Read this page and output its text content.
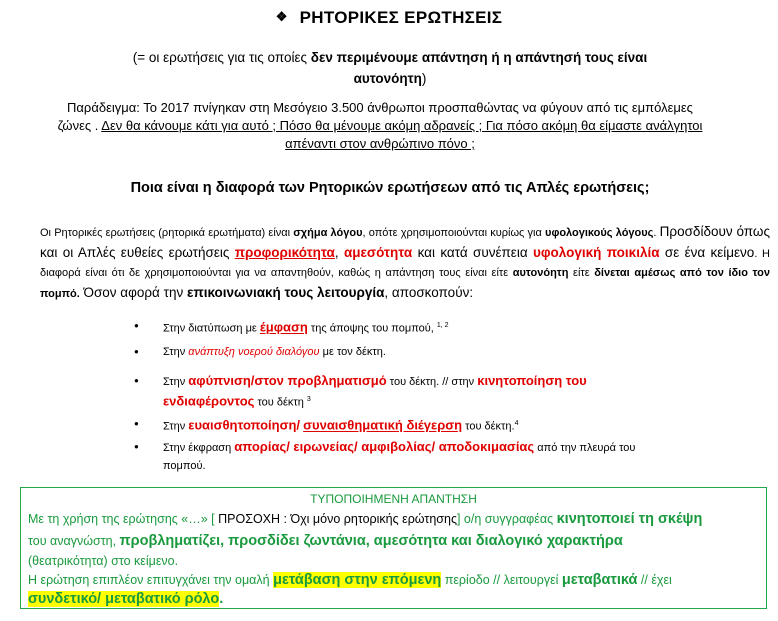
❖ ΡΗΤΟΡΙΚΕΣ ΕΡΩΤΗΣΕΙΣ
(= οι ερωτήσεις για τις οποίες δεν περιμένουμε απάντηση ή η απάντησή τους είναι αυτονόητη)
Παράδειγμα: Το 2017 πνίγηκαν στη Μεσόγειο 3.500 άνθρωποι προσπαθώντας να φύγουν από τις εμπόλεμες ζώνες . Δεν θα κάνουμε κάτι για αυτό ; Πόσο θα μένουμε ακόμη αδρανείς ; Για πόσο ακόμη θα είμαστε ανάλγητοι απέναντι στον ανθρώπινο πόνο ;
Ποια είναι η διαφορά των Ρητορικών ερωτήσεων από τις Απλές ερωτήσεις;
Οι Ρητορικές ερωτήσεις (ρητορικά ερωτήματα) είναι σχήμα λόγου, οπότε χρησιμοποιούνται κυρίως για υφολογικούς λόγους. Προσδίδουν όπως και οι Απλές ευθείες ερωτήσεις προφορικότητα, αμεσότητα και κατά συνέπεια υφολογική ποικιλία σε ένα κείμενο. Η διαφορά είναι ότι δε χρησιμοποιούνται για να απαντηθούν, καθώς η απάντηση τους είναι είτε αυτονόητη είτε δίνεται αμέσως από τον ίδιο τον πομπό. Όσον αφορά την επικοινωνιακή τους λειτουργία, αποσκοπούν:
● Στην διατύπωση με έμφαση της άποψης του πομπού, $^{1, 2}$
● Στην ανάπτυξη νοερού διαλόγου με τον δέκτη.
● Στην αφύπνιση/στον προβληματισμό του δέκτη. // στην κινητοποίηση του ενδιαφέροντος του δέκτη $^3$
● Στην ευαισθητοποίηση/ συναισθηματική διέγερση του δέκτη.$^4$
● Στην έκφραση απορίας/ ειρωνείας/ αμφιβολίας/ αποδοκιμασίας από την πλευρά του πομπού.
ΤΥΠΟΠΟΙΗΜΕΝΗ ΑΠΑΝΤΗΣΗ
Με τη χρήση της ερώτησης «…» [ ΠΡΟΣΟΧΗ : Όχι μόνο ρητορικής ερώτησης] ο/η συγγραφέας κινητοποιεί τη σκέψη
του αναγνώστη, προβληματίζει, προσδίδει ζωντάνια, αμεσότητα και διαλογικό χαρακτήρα
(θεατρικότητα) στο κείμενο.
Η ερώτηση επιπλέον επιτυγχάνει την ομαλή μετάβαση στην επόμενη περίοδο // λειτουργεί μεταβατικά // έχει
συνδετικό/ μεταβατικό ρόλο.
